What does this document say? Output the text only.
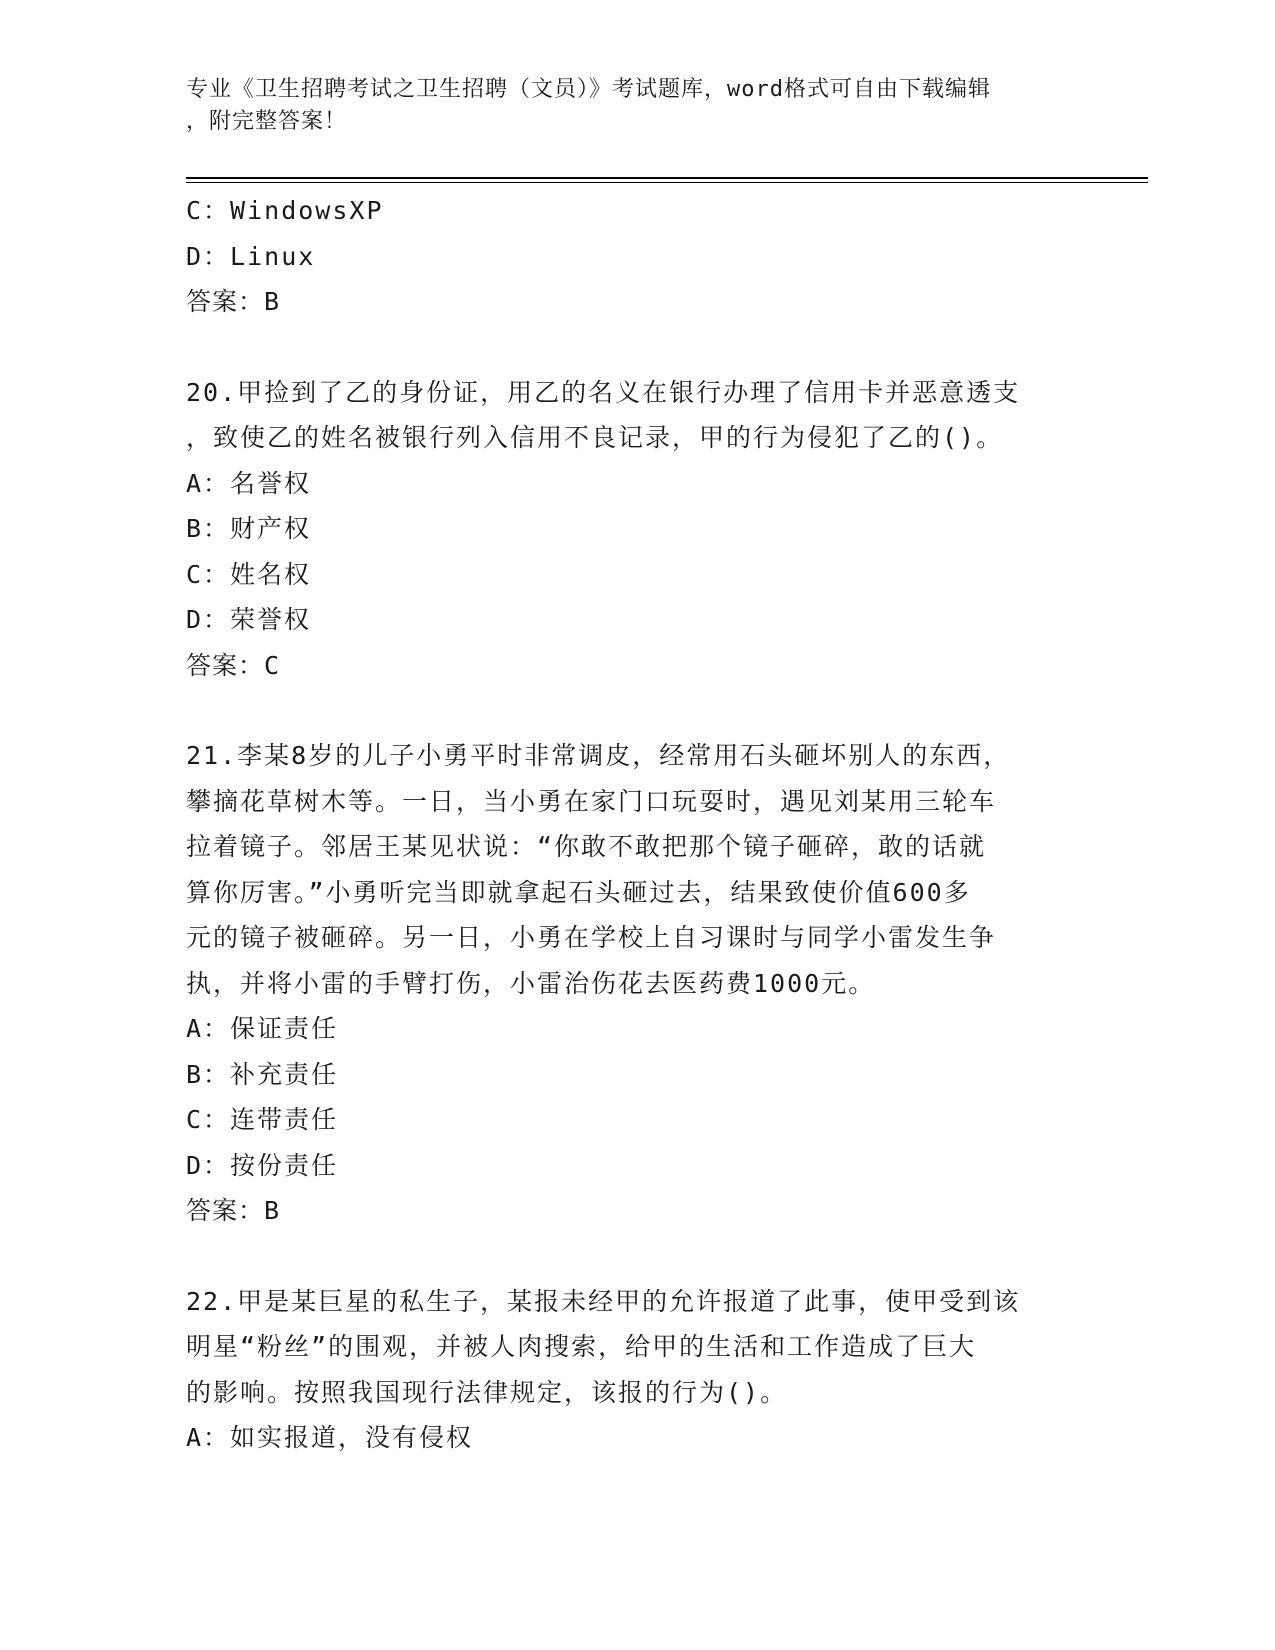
专业《卫生招聘考试之卫生招聘（文员）》考试题库，word格式可自由下载编辑
，附完整答案！
C：WindowsXP
D：Linux
答案：B
20.甲捡到了乙的身份证，用乙的名义在银行办理了信用卡并恶意透支
，致使乙的姓名被银行列入信用不良记录，甲的行为侵犯了乙的()。
A：名誉权
B：财产权
C：姓名权
D：荣誉权
答案：C
21.李某8岁的儿子小勇平时非常调皮，经常用石头砸坏别人的东西，
攀摘花草树木等。一日，当小勇在家门口玩耍时，遇见刘某用三轮车
拉着镜子。邻居王某见状说：“你敢不敢把那个镜子砸碎，敢的话就
算你厉害。”小勇听完当即就拿起石头砸过去，结果致使价值600多
元的镜子被砸碎。另一日，小勇在学校上自习课时与同学小雷发生争
执，并将小雷的手臂打伤，小雷治伤花去医药费1000元。
A：保证责任
B：补充责任
C：连带责任
D：按份责任
答案：B
22.甲是某巨星的私生子，某报未经甲的允许报道了此事，使甲受到该
明星“粉丝”的围观，并被人肉搜索，给甲的生活和工作造成了巨大
的影响。按照我国现行法律规定，该报的行为()。
A：如实报道，没有侵权
